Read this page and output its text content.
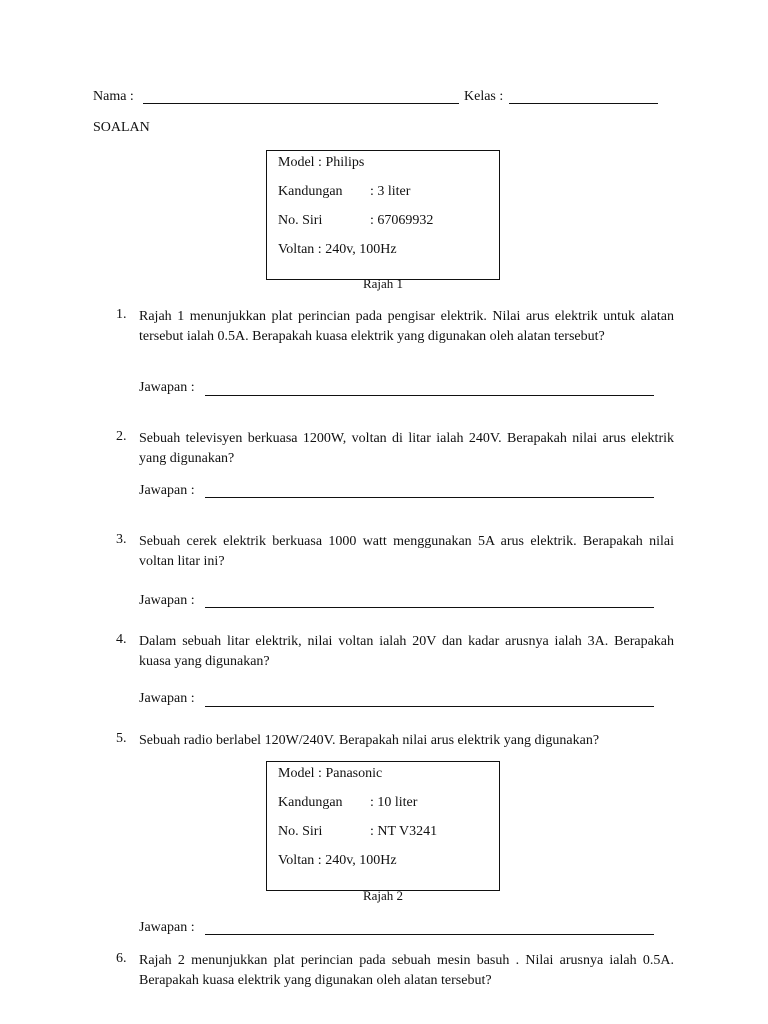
Nama :	Kelas :
SOALAN
Model : Philips
Kandungan : 3 liter
No. Siri	: 67069932
Voltan : 240v, 100Hz
Rajah 1
1. Rajah 1 menunjukkan plat perincian pada pengisar elektrik. Nilai arus elektrik untuk alatan tersebut ialah 0.5A. Berapakah kuasa elektrik yang digunakan oleh alatan tersebut?
Jawapan :
2. Sebuah televisyen berkuasa 1200W, voltan di litar ialah 240V. Berapakah nilai arus elektrik yang digunakan?
Jawapan :
3. Sebuah cerek elektrik berkuasa 1000 watt menggunakan 5A arus elektrik. Berapakah nilai voltan litar ini?
Jawapan :
4. Dalam sebuah litar elektrik, nilai voltan ialah 20V dan kadar arusnya ialah 3A. Berapakah kuasa yang digunakan?
Jawapan :
5. Sebuah radio berlabel 120W/240V. Berapakah nilai arus elektrik yang digunakan?
Model : Panasonic
Kandungan : 10 liter
No. Siri	: NT V3241
Voltan : 240v, 100Hz
Rajah 2
Jawapan :
6. Rajah 2 menunjukkan plat perincian pada sebuah mesin basuh . Nilai arusnya ialah 0.5A. Berapakah kuasa elektrik yang digunakan oleh alatan tersebut?
